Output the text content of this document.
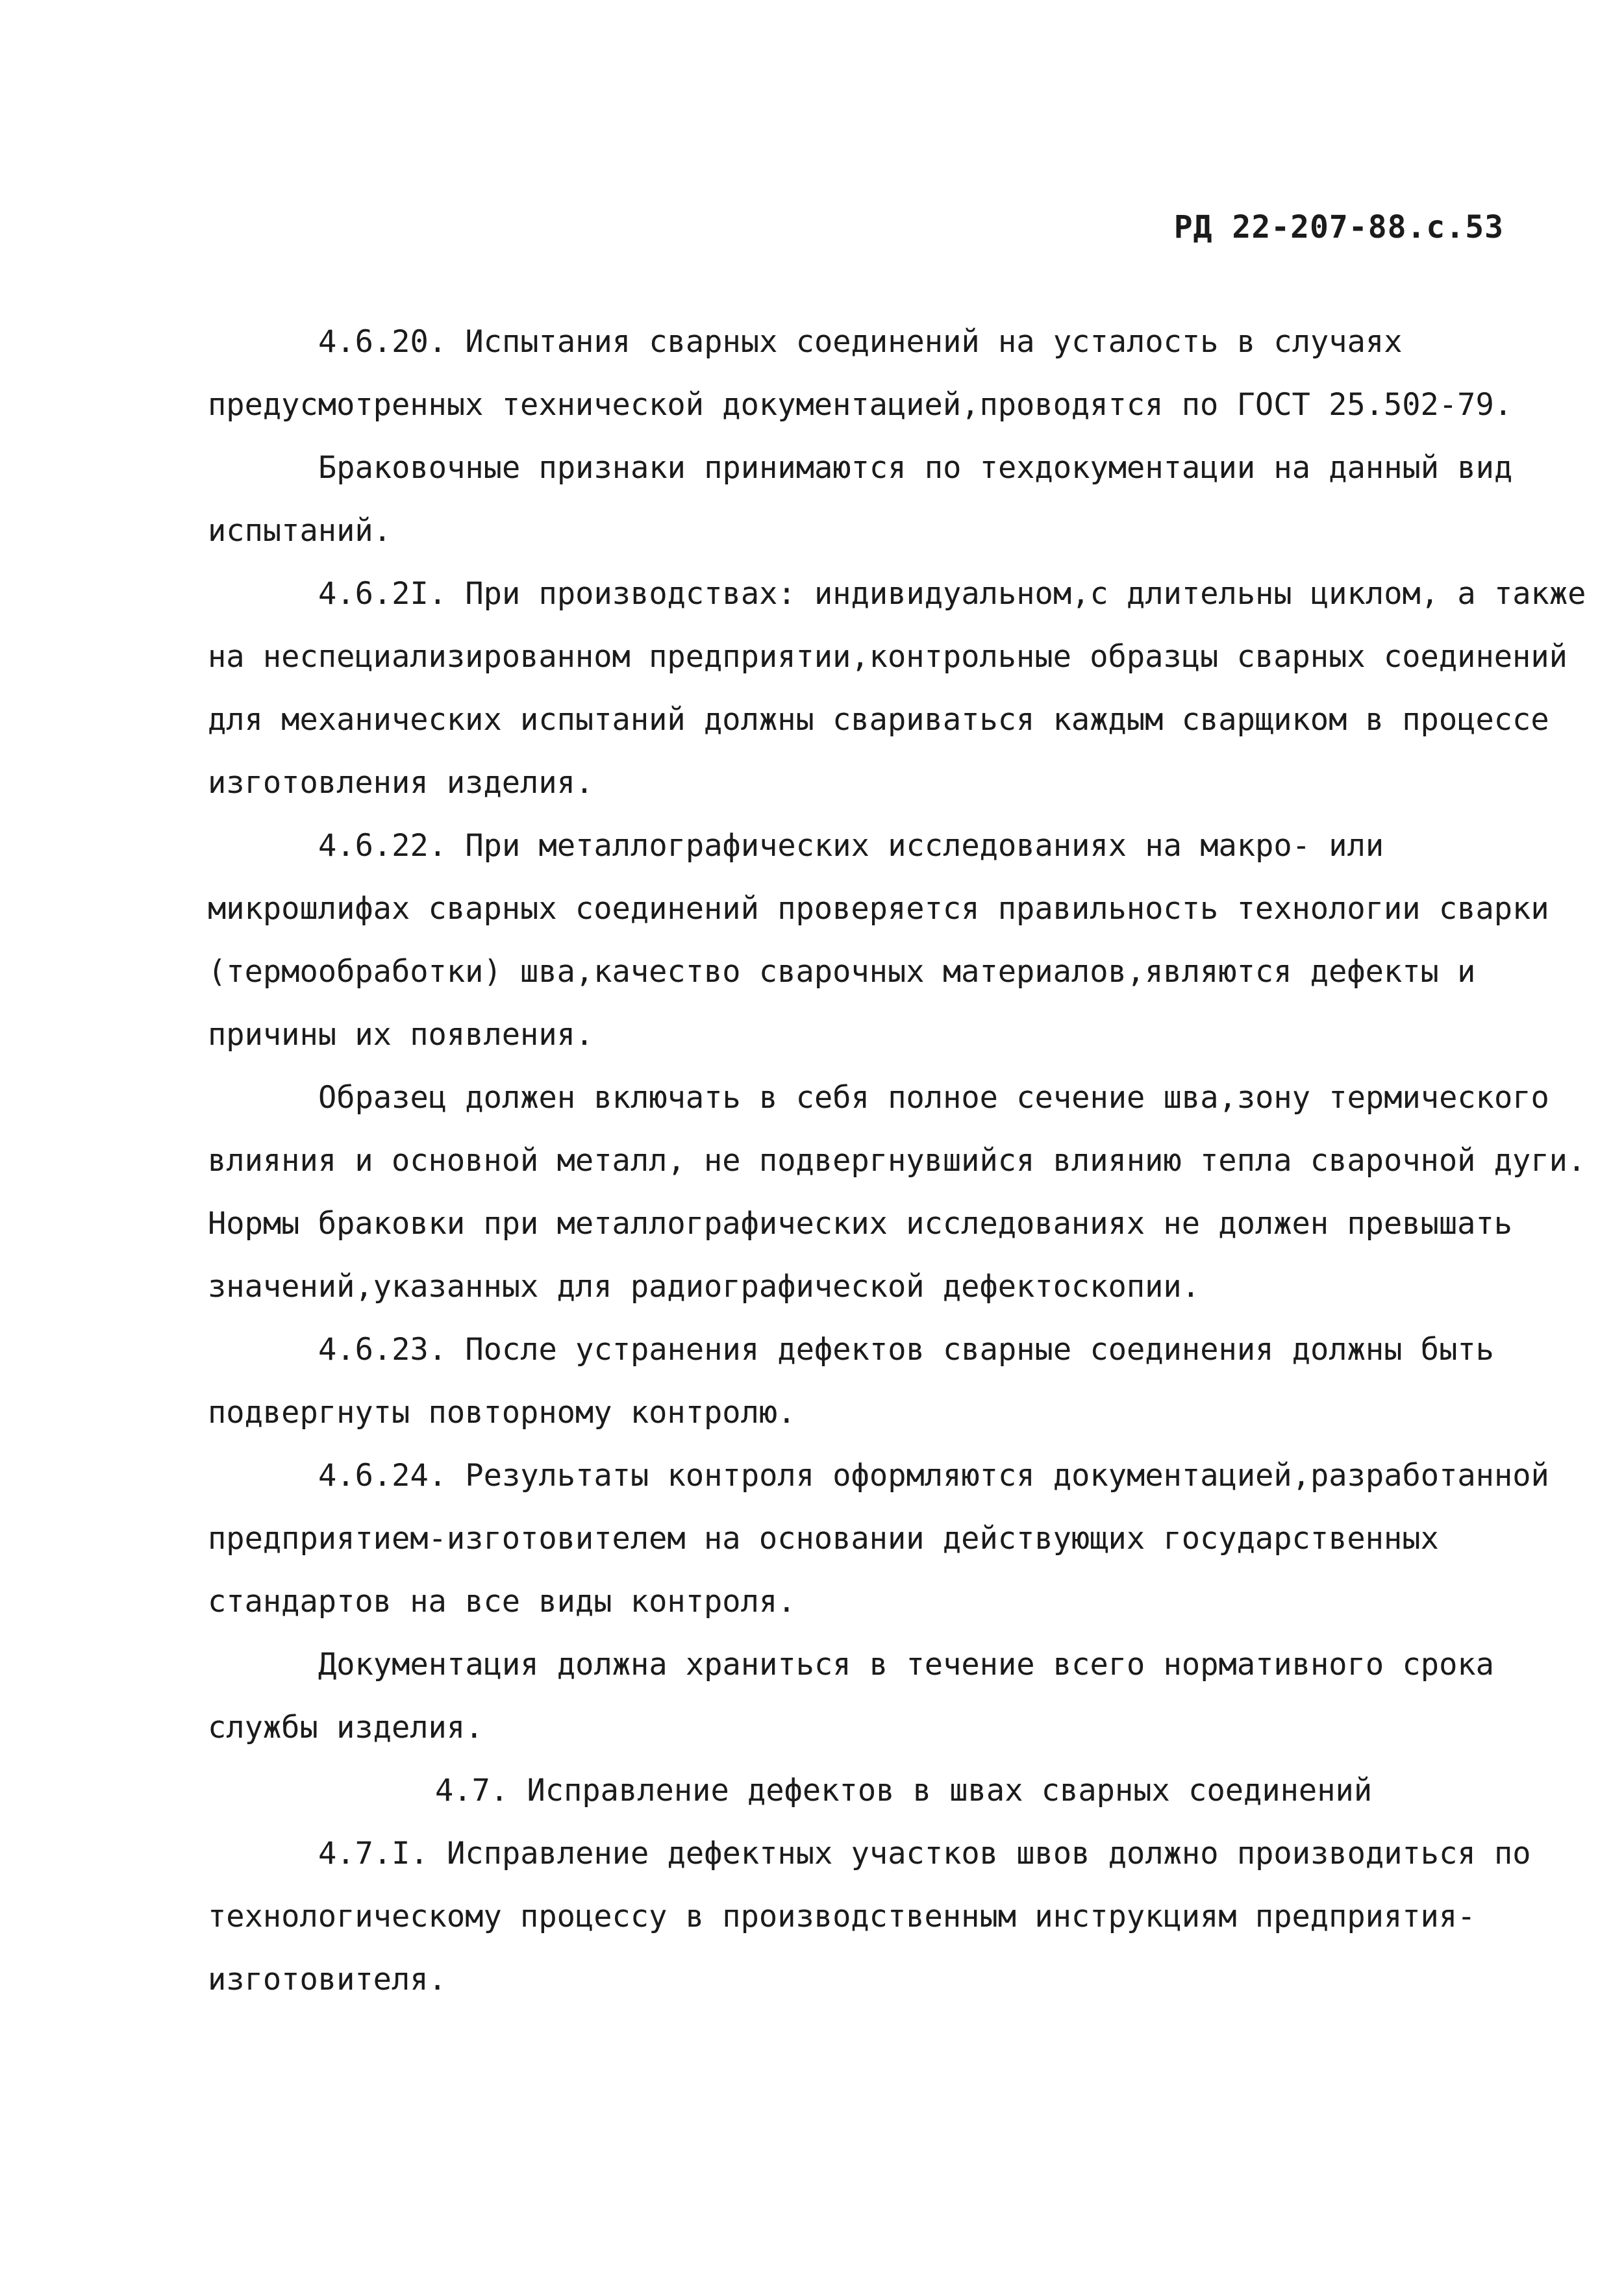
РД 22-207-88.с.53

4.6.20. Испытания сварных соединений на усталость в случаях предусмотренных технической документацией,проводятся по ГОСТ 25.502-79.

Браковочные признаки принимаются по техдокументации на данный вид испытаний.

4.6.2I. При производствах: индивидуальном,с длительны циклом, а также на неспециализированном предприятии,контрольные образцы сварных соединений для механических испытаний должны свариваться каждым сварщиком в процессе изготовления изделия.

4.6.22. При металлографических исследованиях на макро- или микрошлифах сварных соединений проверяется правильность технологии сварки (термообработки) шва,качество сварочных материалов,являются дефекты и причины их появления.

Образец должен включать в себя полное сечение шва,зону термического влияния и основной металл, не подвергнувшийся влиянию тепла сварочной дуги. Нормы браковки при металлографических исследованиях не должен превышать значений,указанных для радиографической дефектоскопии.

4.6.23. После устранения дефектов сварные соединения должны быть подвергнуты повторному контролю.

4.6.24. Результаты контроля оформляются документацией,разработанной предприятием-изготовителем на основании действующих государственных стандартов на все виды контроля.

Документация должна храниться в течение всего нормативного срока службы изделия.

4.7. Исправление дефектов в швах сварных соединений

4.7.I. Исправление дефектных участков швов должно производиться по технологическому процессу в производственным инструкциям предприятия-изготовителя.
